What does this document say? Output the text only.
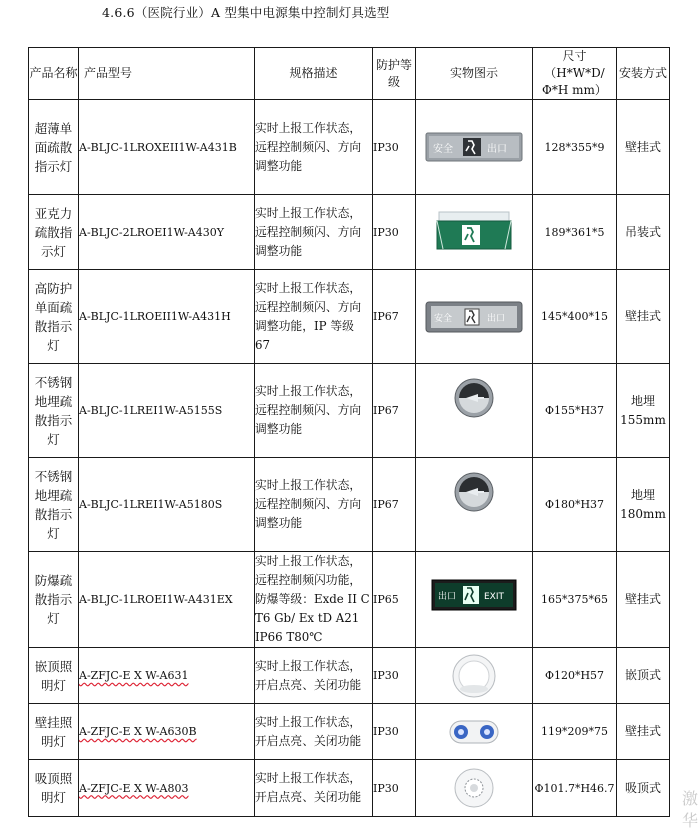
4.6.6（医院行业）A 型集中电源集中控制灯具选型
产品名称	产品型号	规格描述	防护等级	实物图示	尺寸（H*W*D/Φ*H mm）	安装方式
超薄单面疏散指示灯	A-BLJC-1LROXEII1W-A431B	实时上报工作状态，远程控制频闪、方向调整功能	IP30	安全 出口	128*355*9	壁挂式
亚克力疏散指示灯	A-BLJC-2LROEI1W-A430Y	实时上报工作状态，远程控制频闪、方向调整功能	IP30		189*361*5	吊装式
高防护单面疏散指示灯	A-BLJC-1LROEII1W-A431H	实时上报工作状态，远程控制频闪、方向调整功能，IP 等级 67	IP67	安全 出口	145*400*15	壁挂式
不锈钢地埋疏散指示灯	A-BLJC-1LREI1W-A5155S	实时上报工作状态，远程控制频闪、方向调整功能	IP67		Φ155*H37	地埋 155mm
不锈钢地埋疏散指示灯	A-BLJC-1LREI1W-A5180S	实时上报工作状态，远程控制频闪、方向调整功能	IP67		Φ180*H37	地埋 180mm
防爆疏散指示灯	A-BLJC-1LROEI1W-A431EX	实时上报工作状态，远程控制频闪功能，防爆等级：Exde II C T6 Gb/ Ex tD A21 IP66 T80℃	IP65	出口 EXIT	165*375*65	壁挂式
嵌顶照明灯	A-ZFJC-E X W-A631	实时上报工作状态，开启点亮、关闭功能	IP30		Φ120*H57	嵌顶式
壁挂照明灯	A-ZFJC-E X W-A630B	实时上报工作状态，开启点亮、关闭功能	IP30		119*209*75	壁挂式
吸顶照明灯	A-ZFJC-E X W-A803	实时上报工作状态，开启点亮、关闭功能	IP30		Φ101.7*H46.7	吸顶式
激
华
